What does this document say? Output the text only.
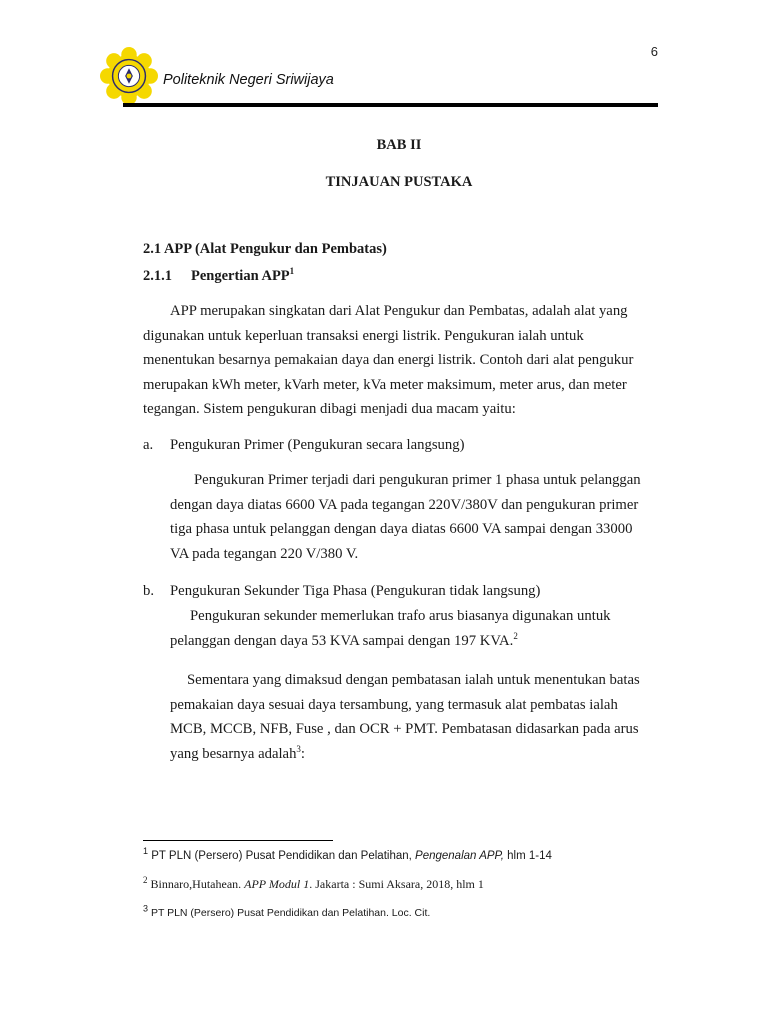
6
Politeknik Negeri Sriwijaya
BAB II
TINJAUAN PUSTAKA
2.1 APP (Alat Pengukur dan Pembatas)
2.1.1 Pengertian APP$^1$
APP merupakan singkatan dari Alat Pengukur dan Pembatas, adalah alat yang
digunakan untuk keperluan transaksi energi listrik. Pengukuran ialah untuk
menentukan besarnya pemakaian daya dan energi listrik. Contoh dari alat pengukur
merupakan kWh meter, kVarh meter, kVa meter maksimum, meter arus, dan meter
tegangan. Sistem pengukuran dibagi menjadi dua macam yaitu:
a. Pengukuran Primer (Pengukuran secara langsung)
Pengukuran Primer terjadi dari pengukuran primer 1 phasa untuk pelanggan
dengan daya diatas 6600 VA pada tegangan 220V/380V dan pengukuran primer
tiga phasa untuk pelanggan dengan daya diatas 6600 VA sampai dengan 33000
VA pada tegangan 220 V/380 V.
b. Pengukuran Sekunder Tiga Phasa (Pengukuran tidak langsung)
Pengukuran sekunder memerlukan trafo arus biasanya digunakan untuk
pelanggan dengan daya 53 KVA sampai dengan 197 KVA.$^2$
Sementara yang dimaksud dengan pembatasan ialah untuk menentukan batas
pemakaian daya sesuai daya tersambung, yang termasuk alat pembatas ialah
MCB, MCCB, NFB, Fuse , dan OCR + PMT. Pembatasan didasarkan pada arus
yang besarnya adalah$^3$:
$^1$ PT PLN (Persero) Pusat Pendidikan dan Pelatihan, Pengenalan APP, hlm 1-14
$^2$ Binnaro,Hutahean. APP Modul 1. Jakarta : Sumi Aksara, 2018, hlm 1
$^3$ PT PLN (Persero) Pusat Pendidikan dan Pelatihan. Loc. Cit.
